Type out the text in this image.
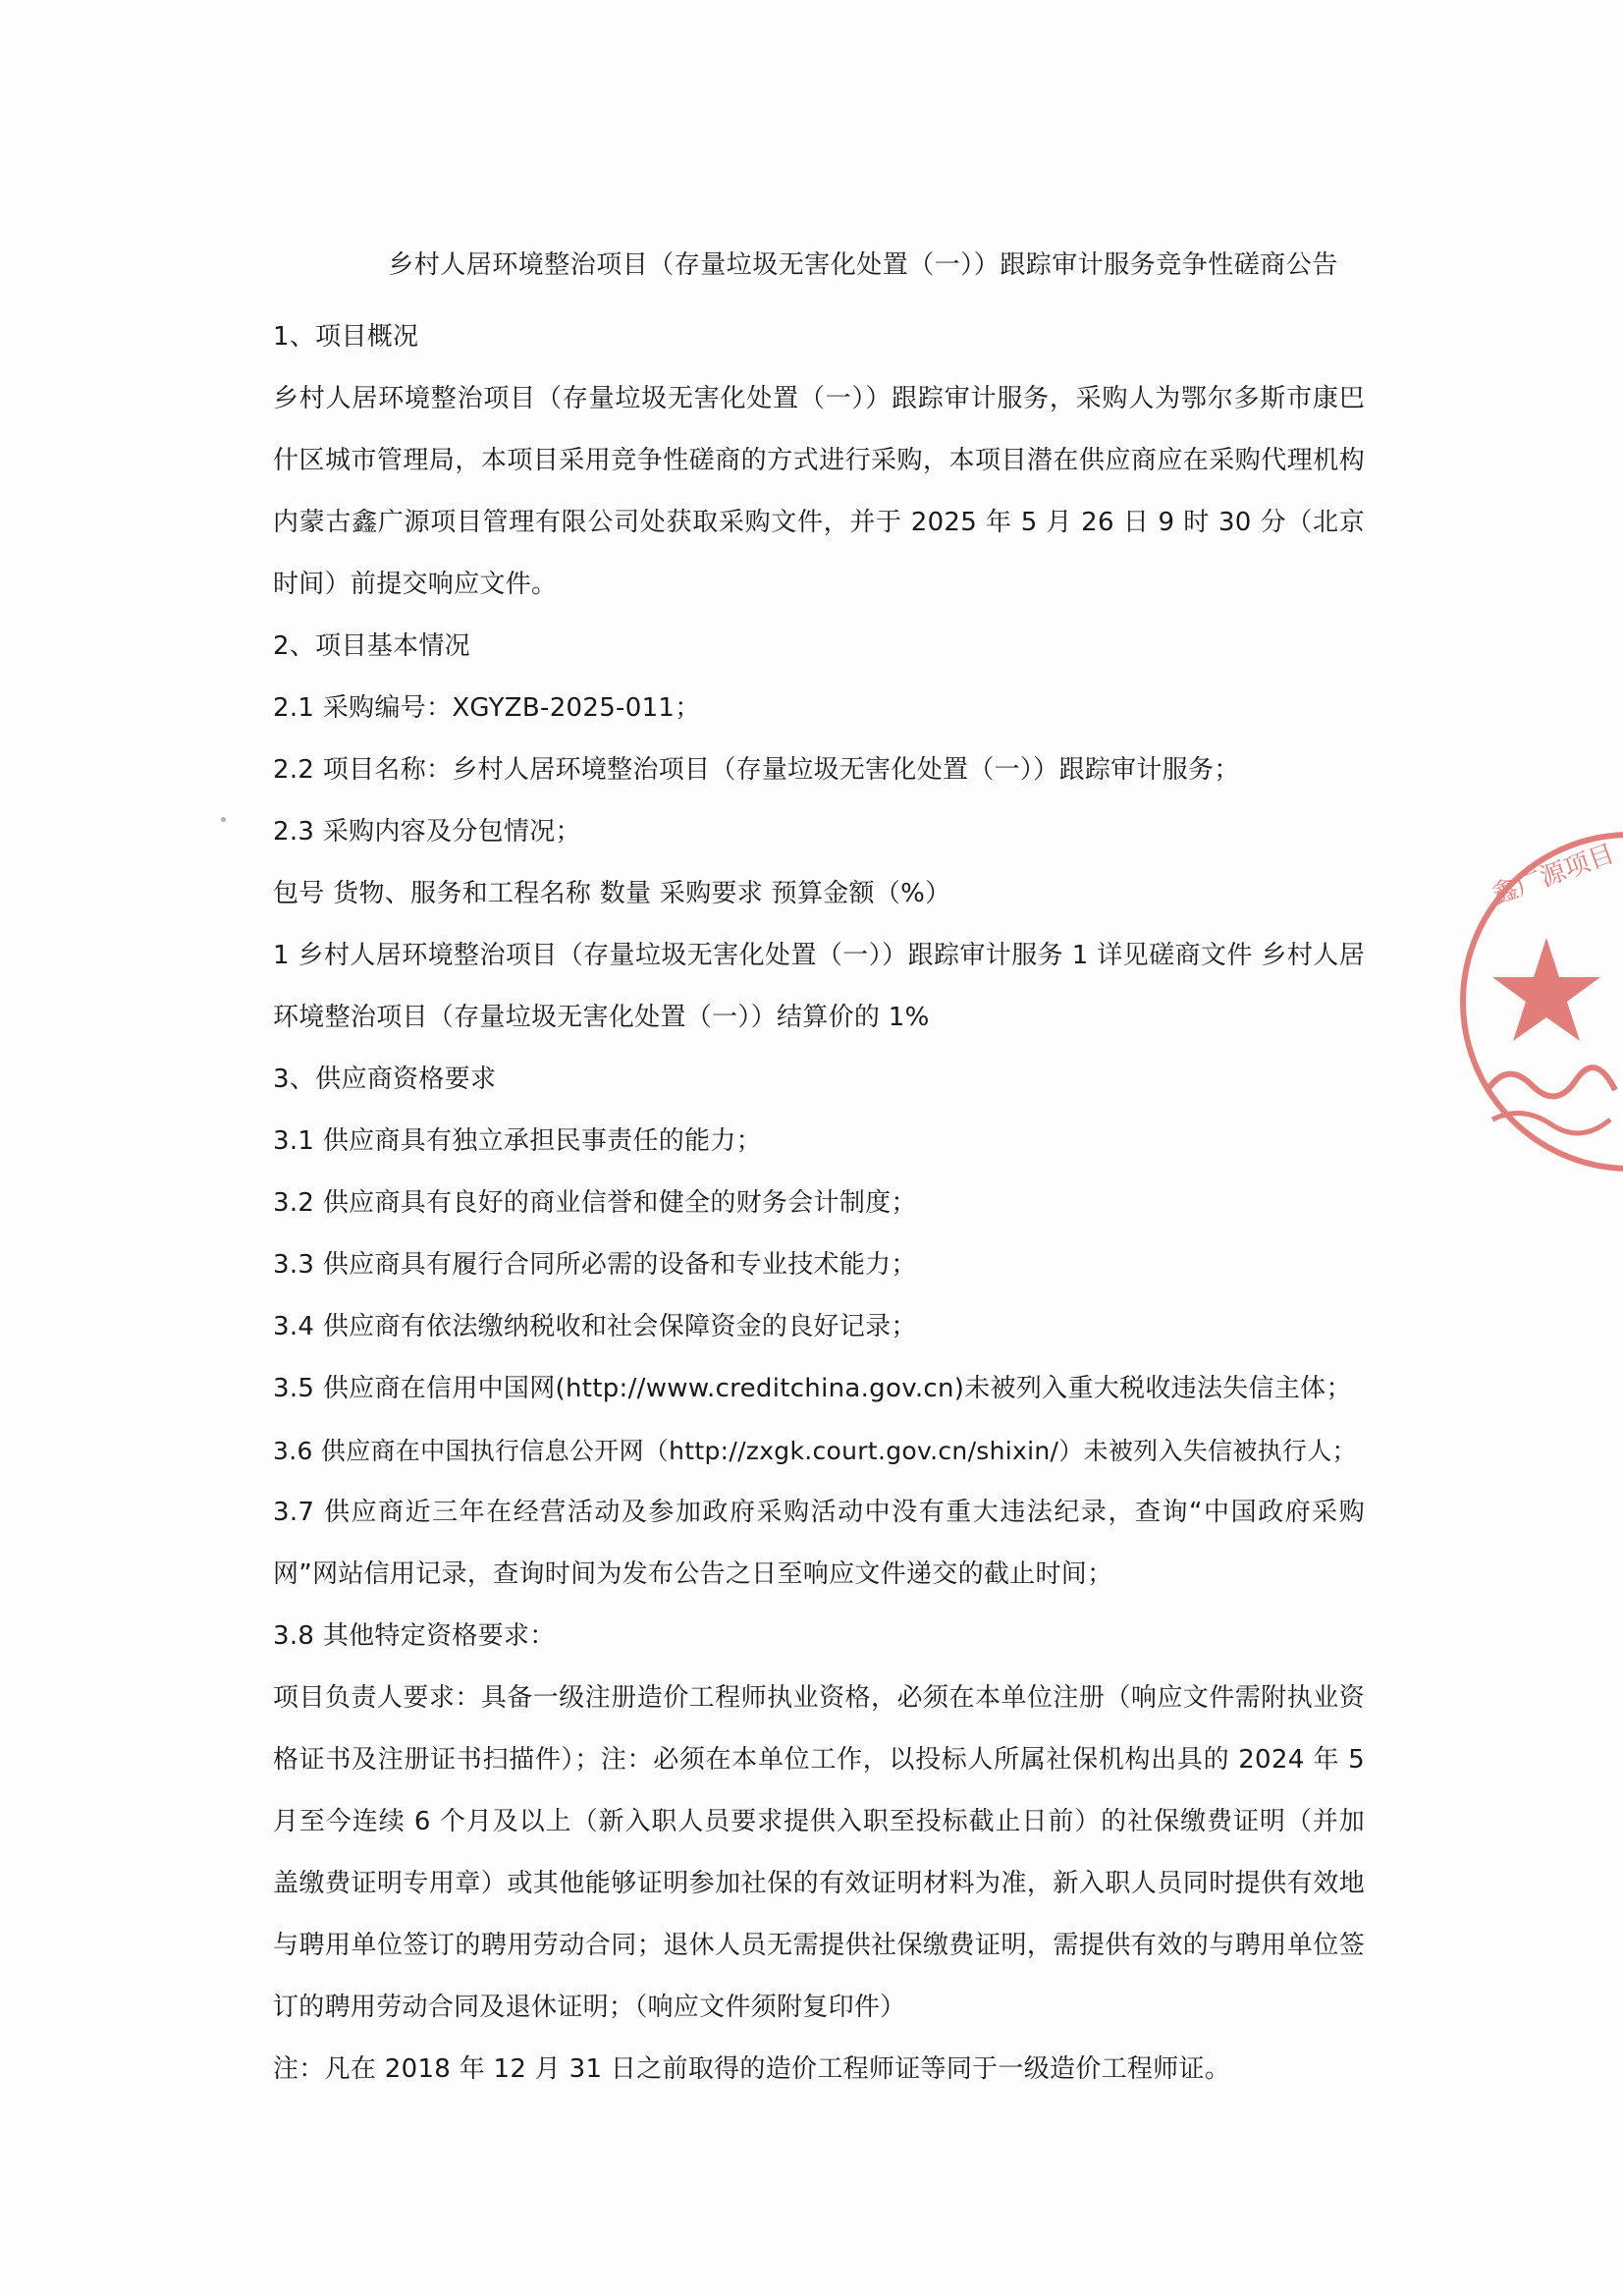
乡村人居环境整治项目（存量垃圾无害化处置（一））跟踪审计服务竞争性磋商公告

1、项目概况

乡村人居环境整治项目（存量垃圾无害化处置（一））跟踪审计服务，采购人为鄂尔多斯市康巴什区城市管理局，本项目采用竞争性磋商的方式进行采购，本项目潜在供应商应在采购代理机构内蒙古鑫广源项目管理有限公司处获取采购文件，并于 2025 年 5 月 26 日 9 时 30 分（北京时间）前提交响应文件。

2、项目基本情况

2.1 采购编号：XGYZB-2025-011；

2.2 项目名称：乡村人居环境整治项目（存量垃圾无害化处置（一））跟踪审计服务；

2.3 采购内容及分包情况；

包号 货物、服务和工程名称 数量 采购要求 预算金额（%）

1 乡村人居环境整治项目（存量垃圾无害化处置（一））跟踪审计服务 1 详见磋商文件 乡村人居环境整治项目（存量垃圾无害化处置（一））结算价的 1%

3、供应商资格要求

3.1 供应商具有独立承担民事责任的能力；

3.2 供应商具有良好的商业信誉和健全的财务会计制度；

3.3 供应商具有履行合同所必需的设备和专业技术能力；

3.4 供应商有依法缴纳税收和社会保障资金的良好记录；

3.5 供应商在信用中国网(http://www.creditchina.gov.cn)未被列入重大税收违法失信主体；

3.6 供应商在中国执行信息公开网（http://zxgk.court.gov.cn/shixin/）未被列入失信被执行人；

3.7 供应商近三年在经营活动及参加政府采购活动中没有重大违法纪录，查询“中国政府采购网”网站信用记录，查询时间为发布公告之日至响应文件递交的截止时间；

3.8 其他特定资格要求：

项目负责人要求：具备一级注册造价工程师执业资格，必须在本单位注册（响应文件需附执业资格证书及注册证书扫描件）；注：必须在本单位工作，以投标人所属社保机构出具的 2024 年 5 月至今连续 6 个月及以上（新入职人员要求提供入职至投标截止日前）的社保缴费证明（并加盖缴费证明专用章）或其他能够证明参加社保的有效证明材料为准，新入职人员同时提供有效地与聘用单位签订的聘用劳动合同；退休人员无需提供社保缴费证明，需提供有效的与聘用单位签订的聘用劳动合同及退休证明；（响应文件须附复印件）

注：凡在 2018 年 12 月 31 日之前取得的造价工程师证等同于一级造价工程师证。

鑫广源项目
